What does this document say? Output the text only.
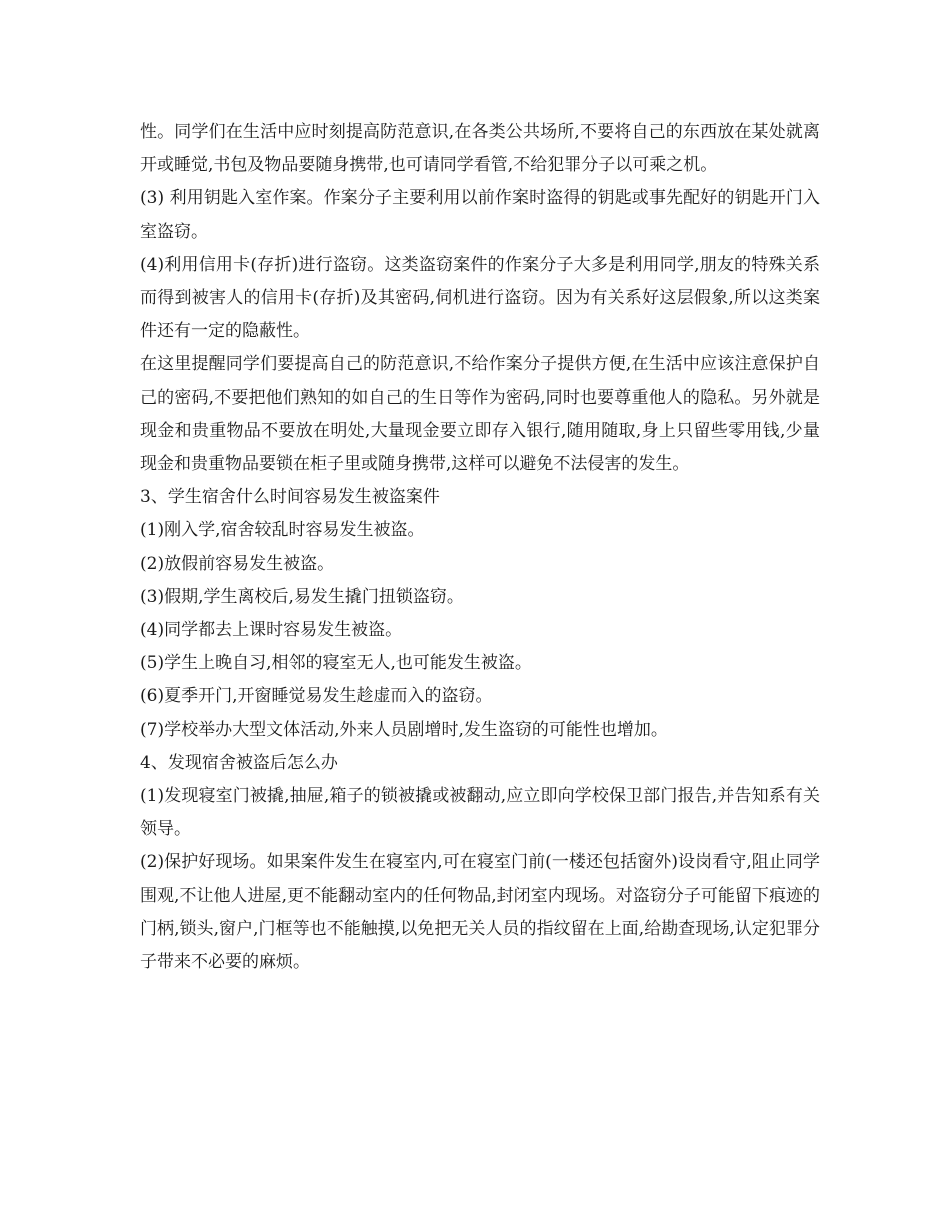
性。同学们在生活中应时刻提高防范意识,在各类公共场所,不要将自己的东西放在某处就离开或睡觉,书包及物品要随身携带,也可请同学看管,不给犯罪分子以可乘之机。

(3) 利用钥匙入室作案。作案分子主要利用以前作案时盗得的钥匙或事先配好的钥匙开门入室盗窃。

(4)利用信用卡(存折)进行盗窃。这类盗窃案件的作案分子大多是利用同学,朋友的特殊关系而得到被害人的信用卡(存折)及其密码,伺机进行盗窃。因为有关系好这层假象,所以这类案件还有一定的隐蔽性。

在这里提醒同学们要提高自己的防范意识,不给作案分子提供方便,在生活中应该注意保护自己的密码,不要把他们熟知的如自己的生日等作为密码,同时也要尊重他人的隐私。另外就是现金和贵重物品不要放在明处,大量现金要立即存入银行,随用随取,身上只留些零用钱,少量现金和贵重物品要锁在柜子里或随身携带,这样可以避免不法侵害的发生。

3、学生宿舍什么时间容易发生被盗案件

(1)刚入学,宿舍较乱时容易发生被盗。

(2)放假前容易发生被盗。

(3)假期,学生离校后,易发生撬门扭锁盗窃。

(4)同学都去上课时容易发生被盗。

(5)学生上晚自习,相邻的寝室无人,也可能发生被盗。

(6)夏季开门,开窗睡觉易发生趁虚而入的盗窃。

(7)学校举办大型文体活动,外来人员剧增时,发生盗窃的可能性也增加。

4、发现宿舍被盗后怎么办

(1)发现寝室门被撬,抽屉,箱子的锁被撬或被翻动,应立即向学校保卫部门报告,并告知系有关领导。

(2)保护好现场。如果案件发生在寝室内,可在寝室门前(一楼还包括窗外)设岗看守,阻止同学围观,不让他人进屋,更不能翻动室内的任何物品,封闭室内现场。对盗窃分子可能留下痕迹的门柄,锁头,窗户,门框等也不能触摸,以免把无关人员的指纹留在上面,给勘查现场,认定犯罪分子带来不必要的麻烦。
